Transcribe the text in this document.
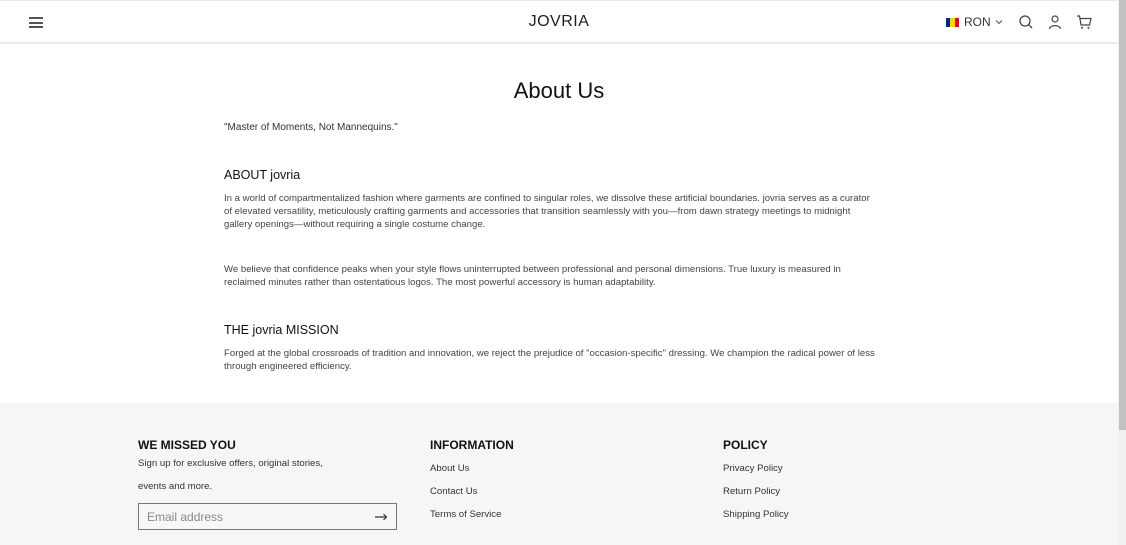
JOVRIA	RON
About Us

"Master of Moments, Not Mannequins."

ABOUT jovria

In a world of compartmentalized fashion where garments are confined to singular roles, we dissolve these artificial boundaries. jovria serves as a curator of elevated versatility, meticulously crafting garments and accessories that transition seamlessly with you—from dawn strategy meetings to midnight gallery openings—without requiring a single costume change.

We believe that confidence peaks when your style flows uninterrupted between professional and personal dimensions. True luxury is measured in reclaimed minutes rather than ostentatious logos. The most powerful accessory is human adaptability.

THE jovria MISSION

Forged at the global crossroads of tradition and innovation, we reject the prejudice of "occasion-specific" dressing. We champion the radical power of less through engineered efficiency.

WE MISSED YOU
Sign up for exclusive offers, original stories,
events and more.
Email address
INFORMATION
About Us
Contact Us
Terms of Service
POLICY
Privacy Policy
Return Policy
Shipping Policy
